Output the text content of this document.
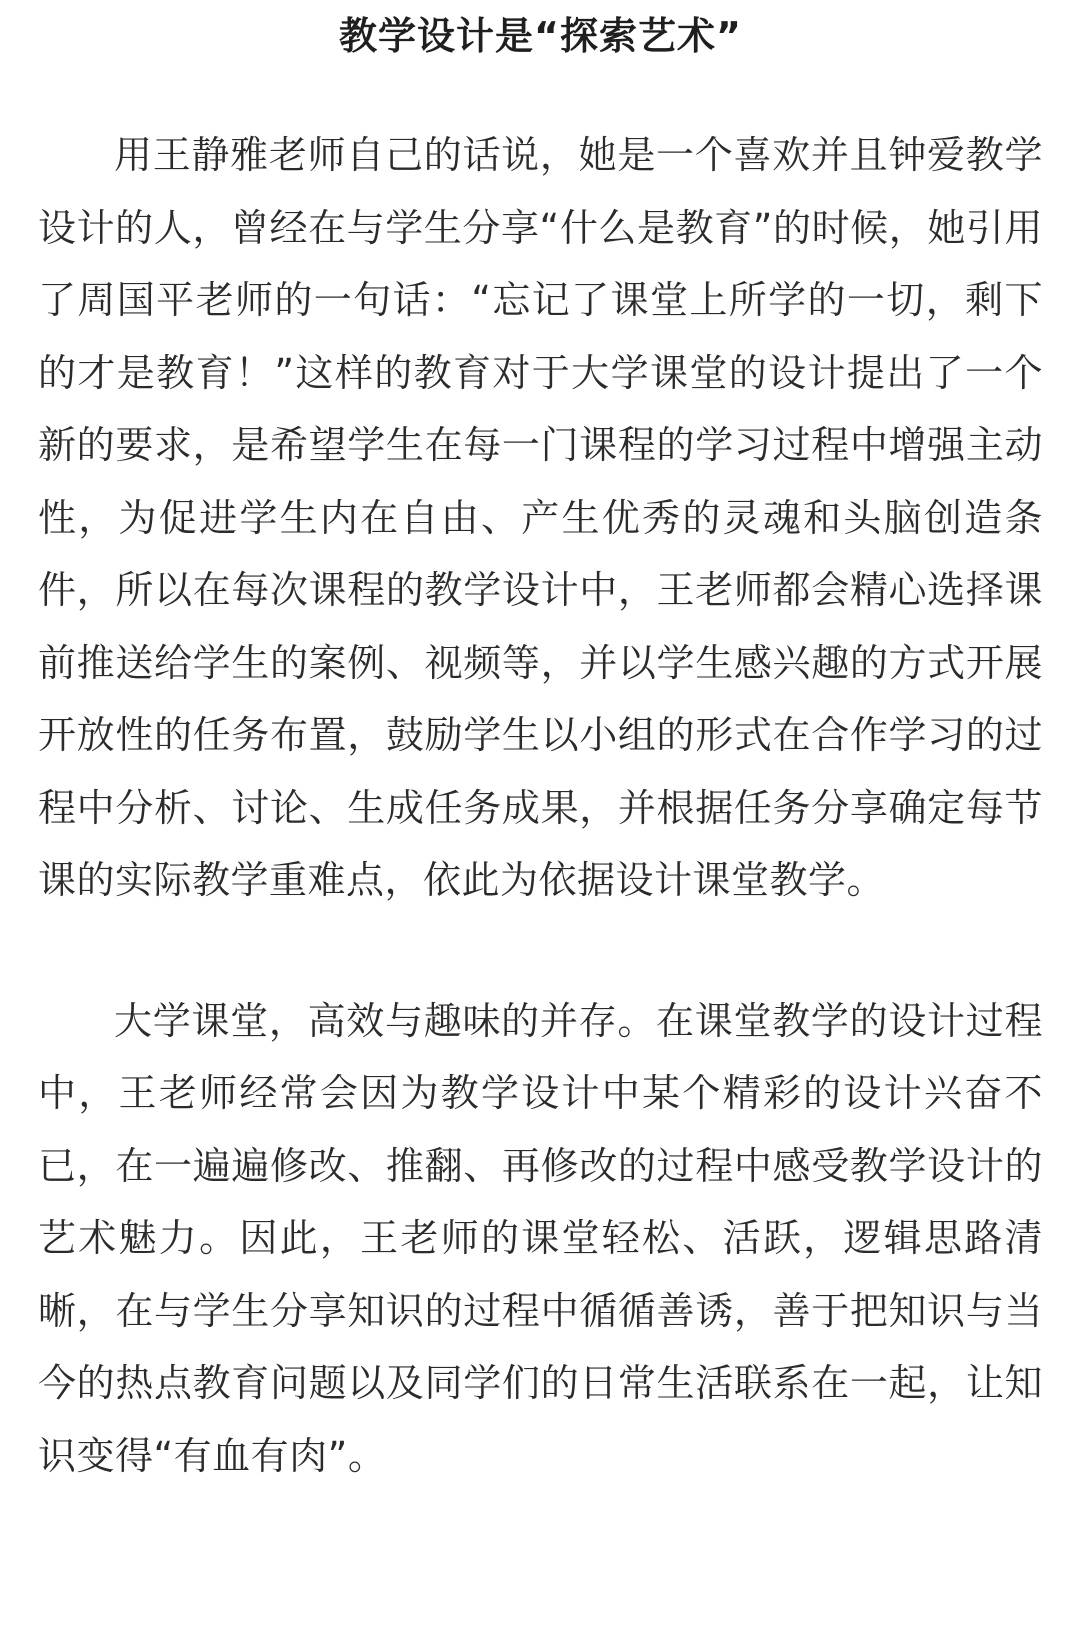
教学设计是“探索艺术”

用王静雅老师自己的话说，她是一个喜欢并且钟爱教学设计的人，曾经在与学生分享“什么是教育”的时候，她引用了周国平老师的一句话：“忘记了课堂上所学的一切，剩下的才是教育！”这样的教育对于大学课堂的设计提出了一个新的要求，是希望学生在每一门课程的学习过程中增强主动性，为促进学生内在自由、产生优秀的灵魂和头脑创造条件，所以在每次课程的教学设计中，王老师都会精心选择课前推送给学生的案例、视频等，并以学生感兴趣的方式开展开放性的任务布置，鼓励学生以小组的形式在合作学习的过程中分析、讨论、生成任务成果，并根据任务分享确定每节课的实际教学重难点，依此为依据设计课堂教学。

大学课堂，高效与趣味的并存。在课堂教学的设计过程中，王老师经常会因为教学设计中某个精彩的设计兴奋不已，在一遍遍修改、推翻、再修改的过程中感受教学设计的艺术魅力。因此，王老师的课堂轻松、活跃，逻辑思路清晰，在与学生分享知识的过程中循循善诱，善于把知识与当今的热点教育问题以及同学们的日常生活联系在一起，让知识变得“有血有肉”。
